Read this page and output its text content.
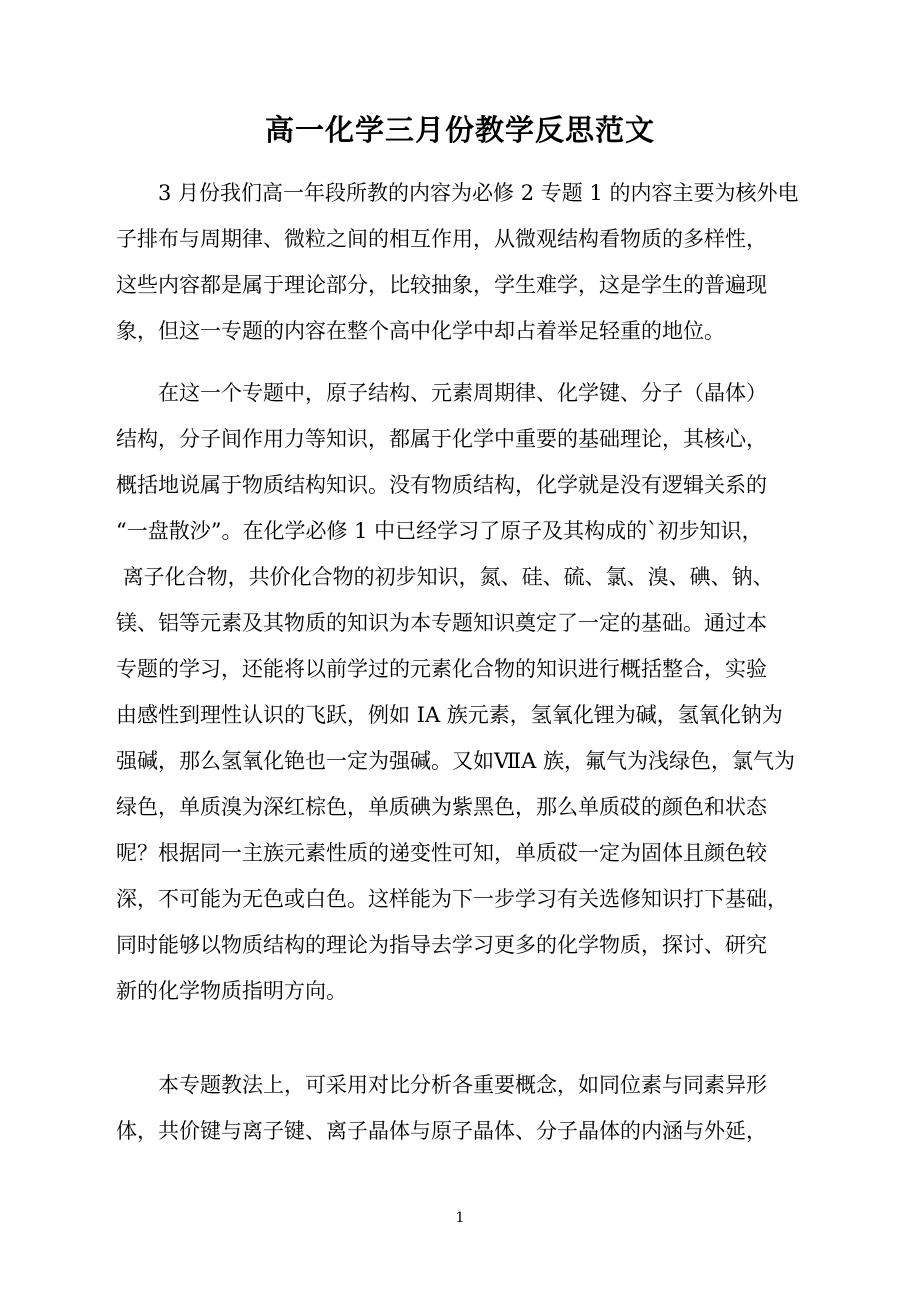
高一化学三月份教学反思范文
3 月份我们高一年段所教的内容为必修 2 专题 1 的内容主要为核外电
子排布与周期律、微粒之间的相互作用，从微观结构看物质的多样性，
这些内容都是属于理论部分，比较抽象，学生难学，这是学生的普遍现
象，但这一专题的内容在整个高中化学中却占着举足轻重的地位。
在这一个专题中，原子结构、元素周期律、化学键、分子（晶体）
结构，分子间作用力等知识，都属于化学中重要的基础理论，其核心，
概括地说属于物质结构知识。没有物质结构，化学就是没有逻辑关系的
“一盘散沙”。在化学必修 1 中已经学习了原子及其构成的`初步知识，
离子化合物，共价化合物的初步知识，氮、硅、硫、氯、溴、碘、钠、
镁、铝等元素及其物质的知识为本专题知识奠定了一定的基础。通过本
专题的学习，还能将以前学过的元素化合物的知识进行概括整合，实验
由感性到理性认识的飞跃，例如 IA 族元素，氢氧化锂为碱，氢氧化钠为
强碱，那么氢氧化铯也一定为强碱。又如ⅦA 族，氟气为浅绿色，氯气为
绿色，单质溴为深红棕色，单质碘为紫黑色，那么单质砹的颜色和状态
呢？根据同一主族元素性质的递变性可知，单质砹一定为固体且颜色较
深，不可能为无色或白色。这样能为下一步学习有关选修知识打下基础，
同时能够以物质结构的理论为指导去学习更多的化学物质，探讨、研究
新的化学物质指明方向。
本专题教法上，可采用对比分析各重要概念，如同位素与同素异形
体，共价键与离子键、离子晶体与原子晶体、分子晶体的内涵与外延，
1
